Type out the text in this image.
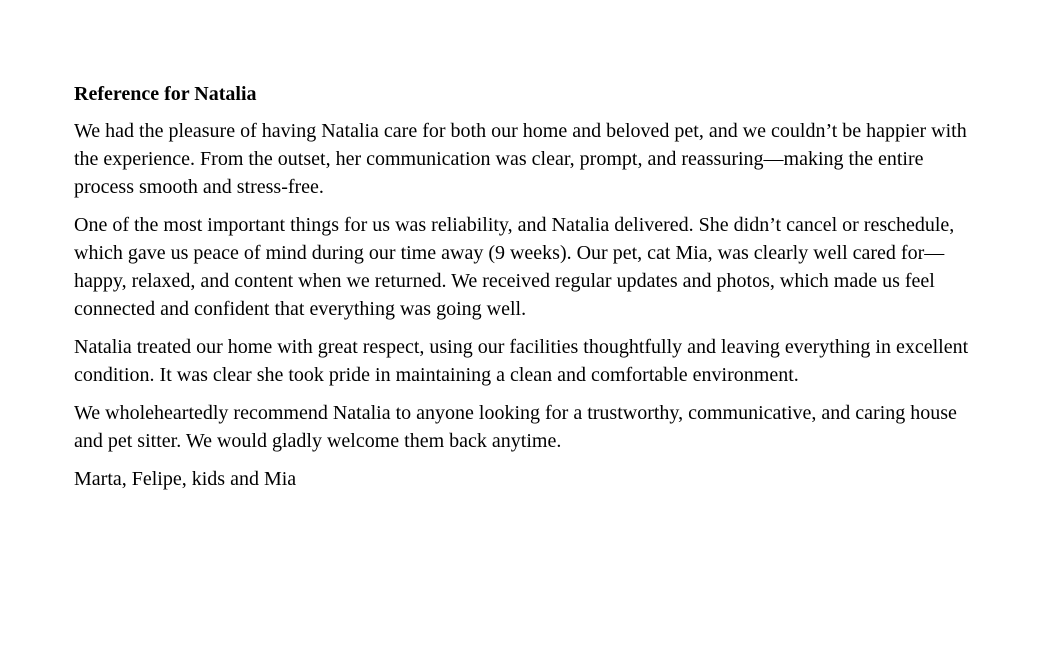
Reference for Natalia

We had the pleasure of having Natalia care for both our home and beloved pet, and we couldn’t be happier with the experience. From the outset, her communication was clear, prompt, and reassuring—making the entire process smooth and stress-free.

One of the most important things for us was reliability, and Natalia delivered. She didn’t cancel or reschedule, which gave us peace of mind during our time away (9 weeks). Our pet, cat Mia, was clearly well cared for—happy, relaxed, and content when we returned. We received regular updates and photos, which made us feel connected and confident that everything was going well.

Natalia treated our home with great respect, using our facilities thoughtfully and leaving everything in excellent condition. It was clear she took pride in maintaining a clean and comfortable environment.

We wholeheartedly recommend Natalia to anyone looking for a trustworthy, communicative, and caring house and pet sitter. We would gladly welcome them back anytime.

Marta, Felipe, kids and Mia
